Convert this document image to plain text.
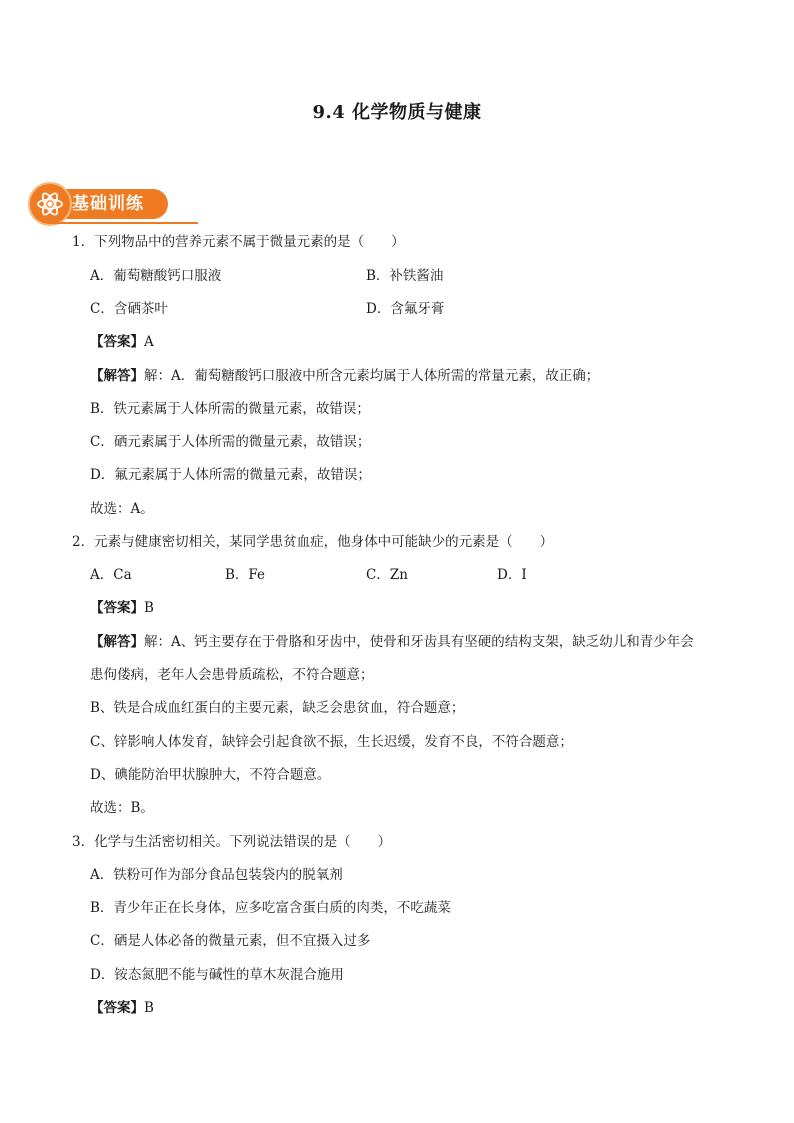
9.4 化学物质与健康
基础训练
1．下列物品中的营养元素不属于微量元素的是（　　）
A．葡萄糖酸钙口服液	B．补铁酱油
C．含硒茶叶	D．含氟牙膏
【答案】A
【解答】解：A．葡萄糖酸钙口服液中所含元素均属于人体所需的常量元素，故正确；
B．铁元素属于人体所需的微量元素，故错误；
C．硒元素属于人体所需的微量元素，故错误；
D．氟元素属于人体所需的微量元素，故错误；
故选：A。
2．元素与健康密切相关，某同学患贫血症，他身体中可能缺少的元素是（　　）
A．Ca	B．Fe	C．Zn	D．I
【答案】B
【解答】解：A、钙主要存在于骨胳和牙齿中，使骨和牙齿具有坚硬的结构支架，缺乏幼儿和青少年会
患佝偻病，老年人会患骨质疏松，不符合题意；
B、铁是合成血红蛋白的主要元素，缺乏会患贫血，符合题意；
C、锌影响人体发育，缺锌会引起食欲不振，生长迟缓，发育不良，不符合题意；
D、碘能防治甲状腺肿大，不符合题意。
故选：B。
3．化学与生活密切相关。下列说法错误的是（　　）
A．铁粉可作为部分食品包装袋内的脱氧剂
B．青少年正在长身体，应多吃富含蛋白质的肉类，不吃蔬菜
C．硒是人体必备的微量元素，但不宜摄入过多
D．铵态氮肥不能与碱性的草木灰混合施用
【答案】B
